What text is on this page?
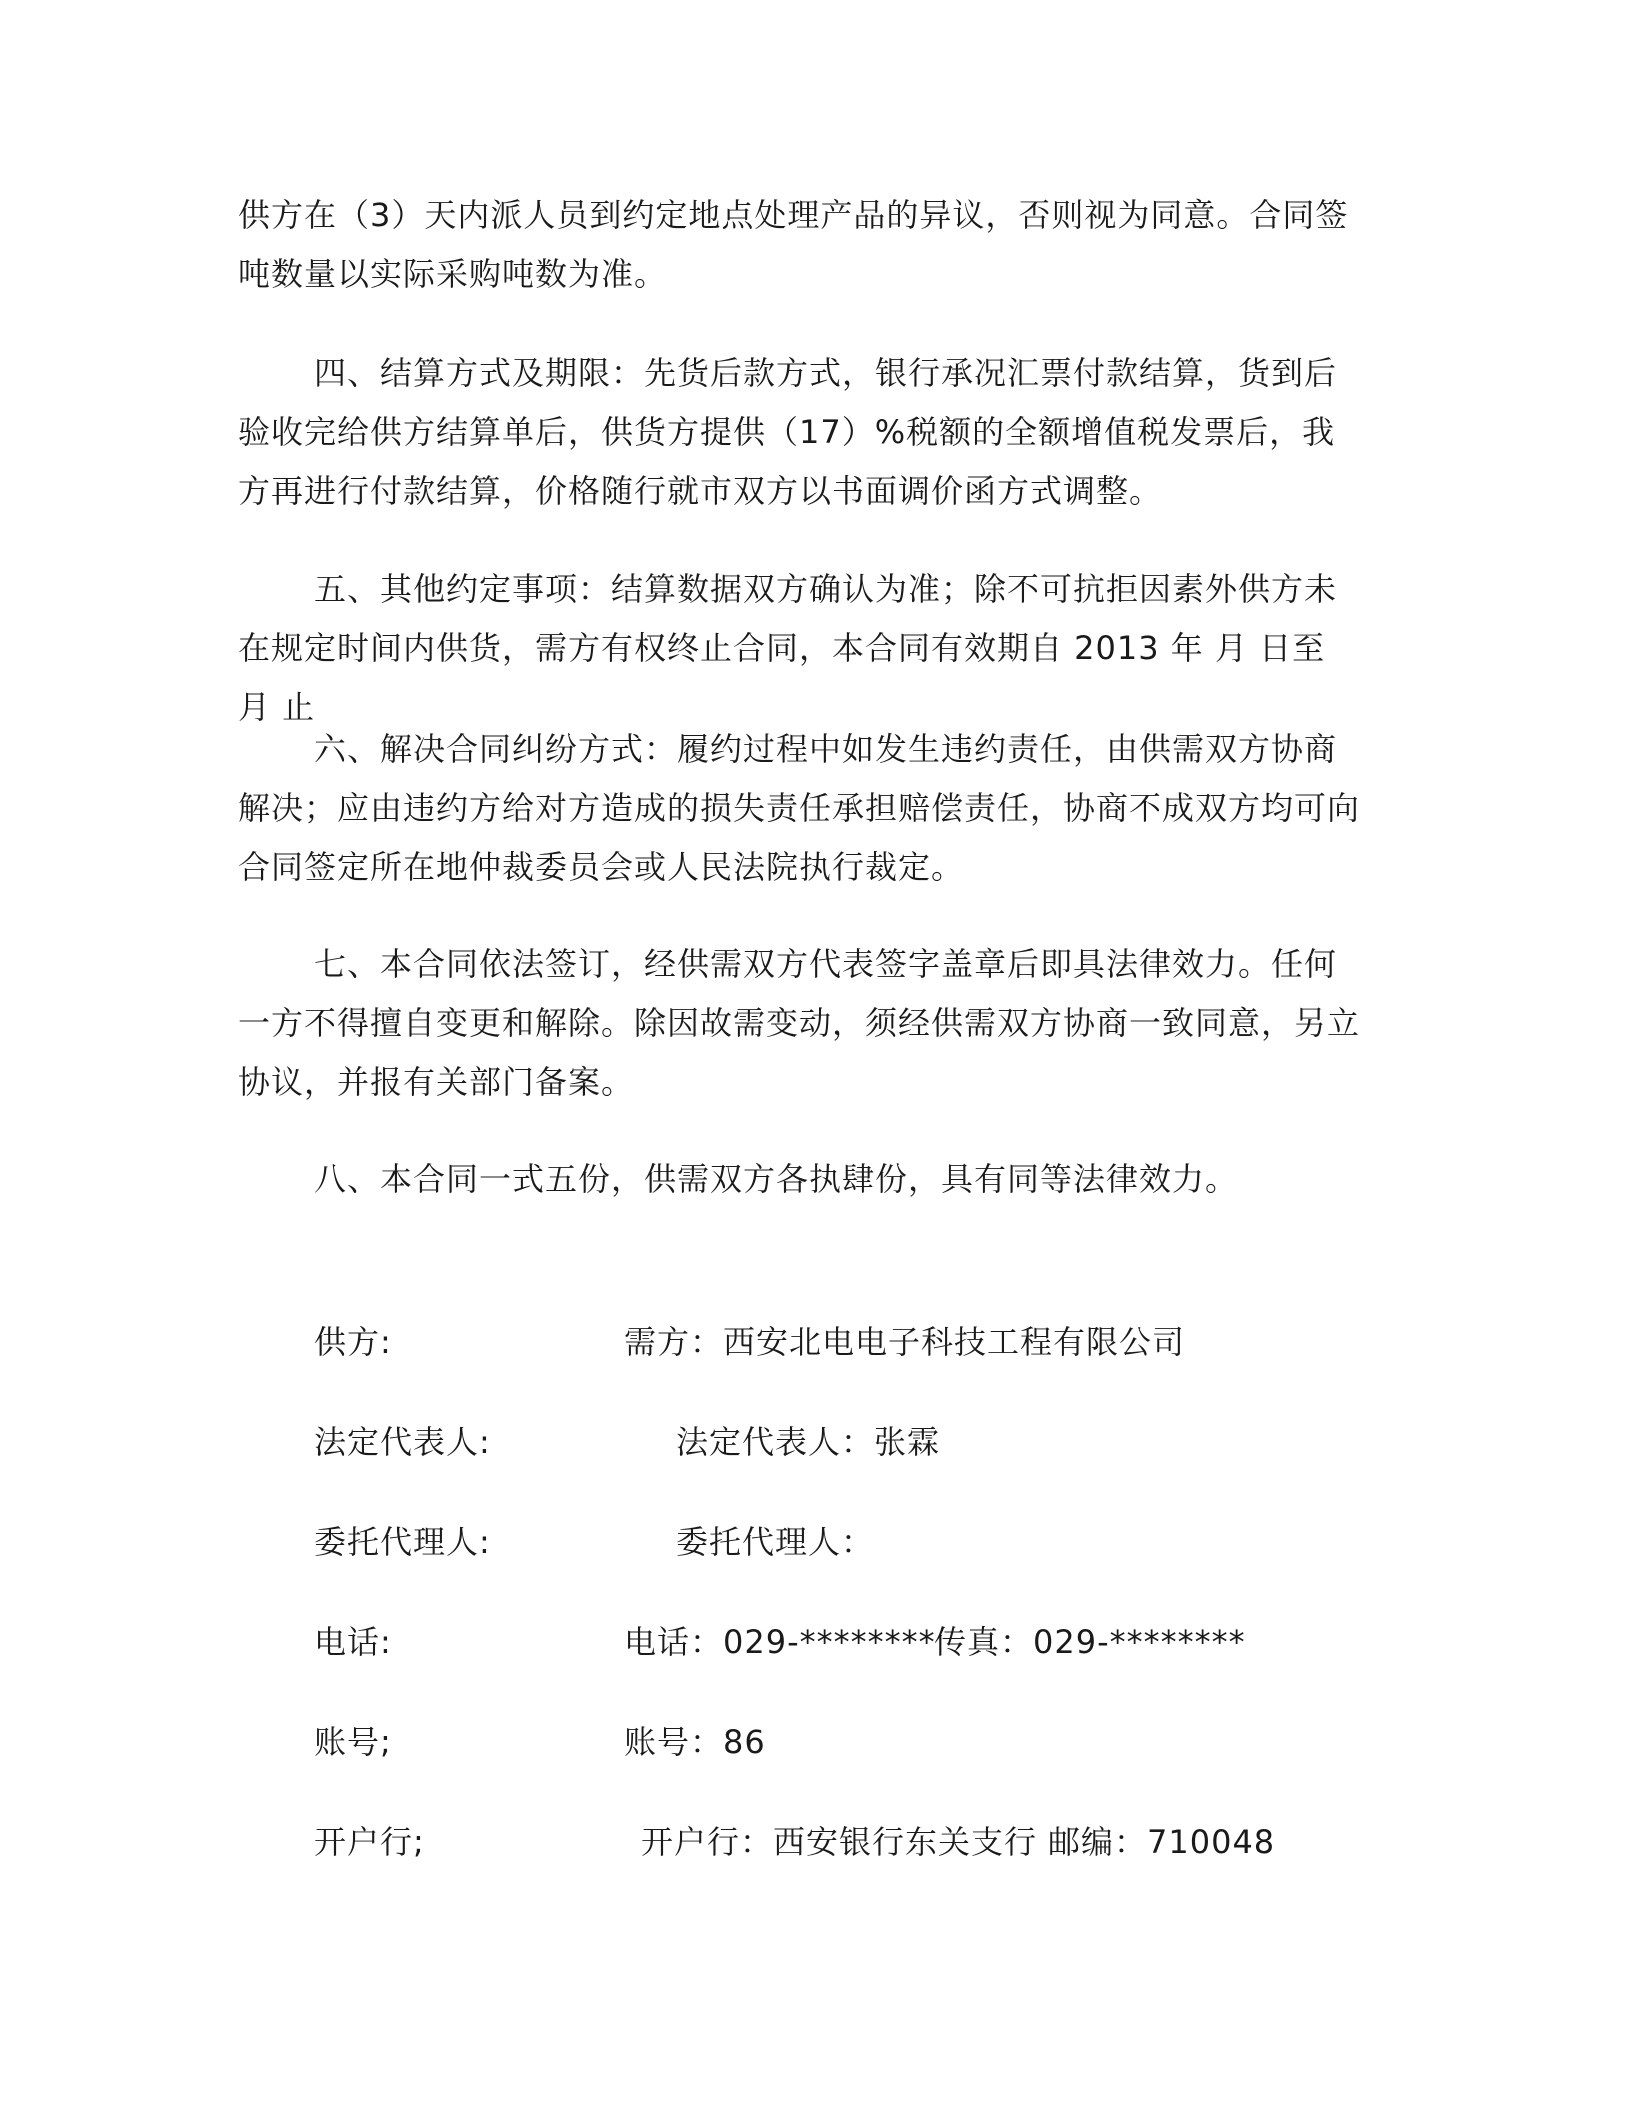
供方在（3）天内派人员到约定地点处理产品的异议，否则视为同意。合同签吨数量以实际采购吨数为准。

四、结算方式及期限：先货后款方式，银行承况汇票付款结算，货到后验收完给供方结算单后，供货方提供（17）%税额的全额增值税发票后，我方再进行付款结算，价格随行就市双方以书面调价函方式调整。

五、其他约定事项：结算数据双方确认为准；除不可抗拒因素外供方未在规定时间内供货，需方有权终止合同，本合同有效期自 2013 年 月 日至 月 止

六、解决合同纠纷方式：履约过程中如发生违约责任，由供需双方协商解决；应由违约方给对方造成的损失责任承担赔偿责任，协商不成双方均可向合同签定所在地仲裁委员会或人民法院执行裁定。

七、本合同依法签订，经供需双方代表签字盖章后即具法律效力。任何一方不得擅自变更和解除。除因故需变动，须经供需双方协商一致同意，另立协议，并报有关部门备案。

八、本合同一式五份，供需双方各执肆份，具有同等法律效力。

供方:
法定代表人:
委托代理人:
电话:
账号;
开户行;
需方：西安北电电子科技工程有限公司
法定代表人：张霖
委托代理人：
电话：029-********
传真：029-********
账号：86
开户行：西安银行东关支行 邮编：710048
